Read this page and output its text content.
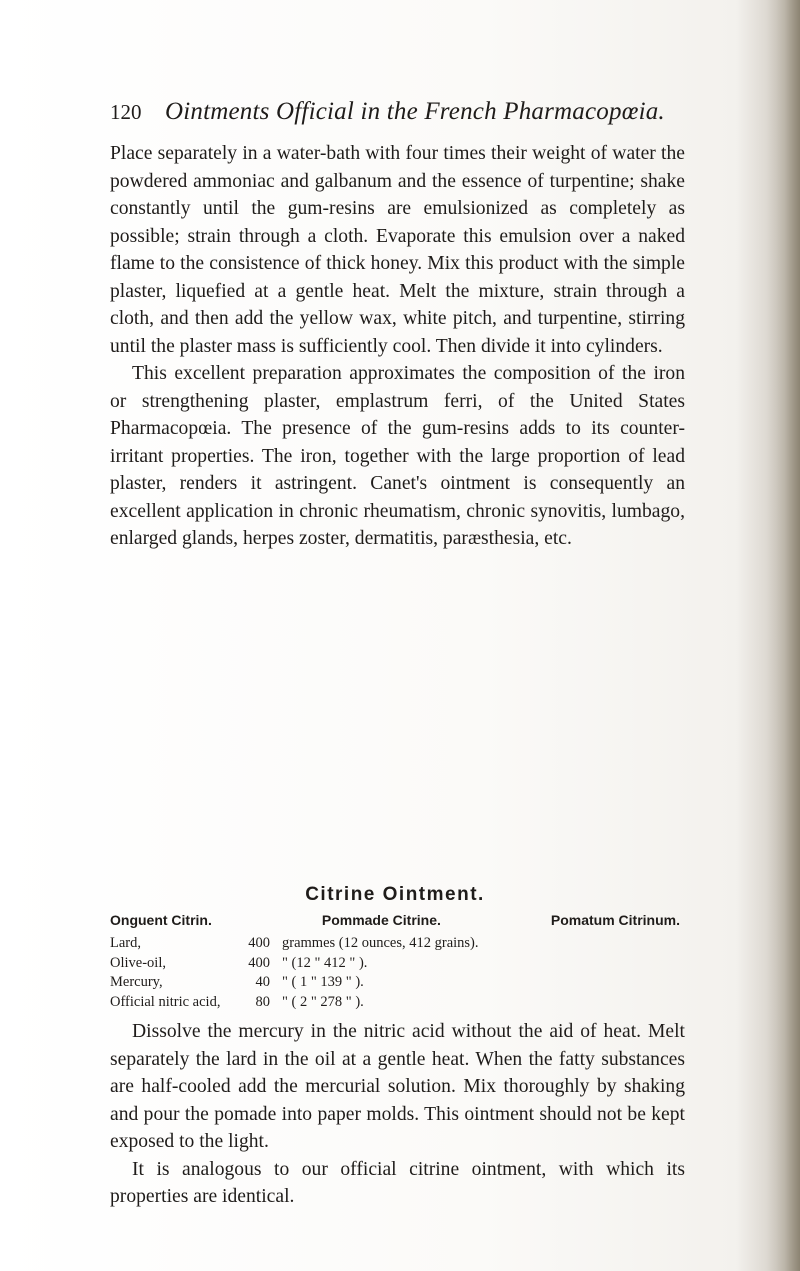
120 Ointments Official in the French Pharmacopœia.

Place separately in a water-bath with four times their weight of water the powdered ammoniac and galbanum and the essence of turpentine; shake constantly until the gum-resins are emulsionized as completely as possible; strain through a cloth. Evaporate this emulsion over a naked flame to the consistence of thick honey. Mix this product with the simple plaster, liquefied at a gentle heat. Melt the mixture, strain through a cloth, and then add the yellow wax, white pitch, and turpentine, stirring until the plaster mass is sufficiently cool. Then divide it into cylinders.

This excellent preparation approximates the composition of the iron or strengthening plaster, emplastrum ferri, of the United States Pharmacopœia. The presence of the gum-resins adds to its counter-irritant properties. The iron, together with the large proportion of lead plaster, renders it astringent. Canet's ointment is consequently an excellent application in chronic rheumatism, chronic synovitis, lumbago, enlarged glands, herpes zoster, dermatitis, paræsthesia, etc.

Citrine Ointment.
Onguent Citrin.	Pommade Citrine.	Pomatum Citrinum.
Lard,	400 grammes (12 ounces, 412 grains).
Olive-oil,	400 " (12 " 412 " ).
Mercury,	40 " ( 1 " 139 " ).
Official nitric acid,	80 " ( 2 " 278 " ).

Dissolve the mercury in the nitric acid without the aid of heat. Melt separately the lard in the oil at a gentle heat. When the fatty substances are half-cooled add the mercurial solution. Mix thoroughly by shaking and pour the pomade into paper molds. This ointment should not be kept exposed to the light.

It is analogous to our official citrine ointment, with which its properties are identical.
